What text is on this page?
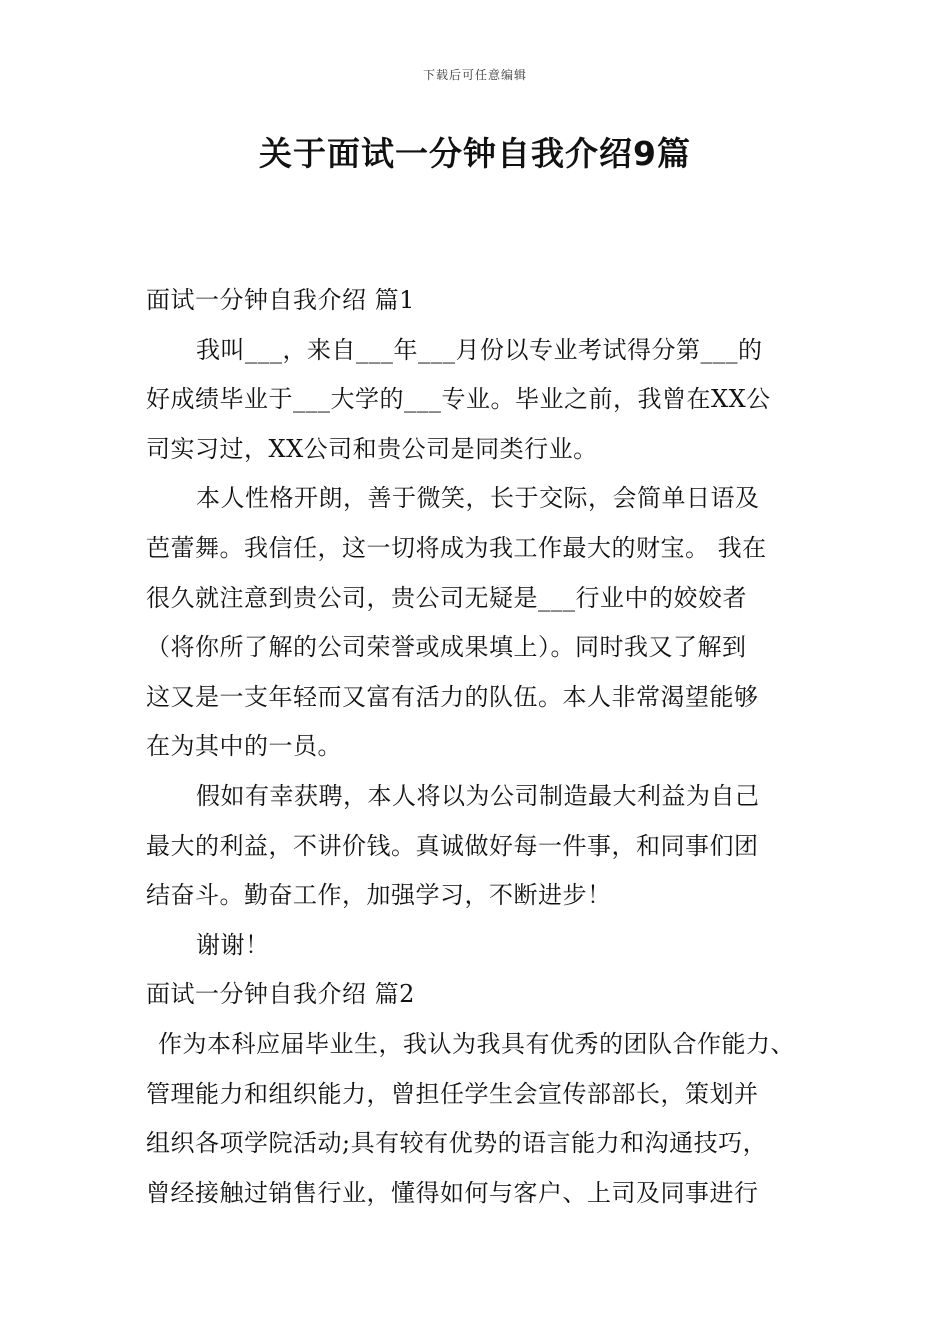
下载后可任意编辑
关于面试一分钟自我介绍9篇
面试一分钟自我介绍 篇1
我叫___，来自___年___月份以专业考试得分第___的
好成绩毕业于___大学的___专业。毕业之前，我曾在XX公
司实习过，XX公司和贵公司是同类行业。
本人性格开朗，善于微笑，长于交际，会简单日语及
芭蕾舞。我信任，这一切将成为我工作最大的财宝。 我在
很久就注意到贵公司，贵公司无疑是___行业中的姣姣者
（将你所了解的公司荣誉或成果填上）。同时我又了解到
这又是一支年轻而又富有活力的队伍。本人非常渴望能够
在为其中的一员。
假如有幸获聘，本人将以为公司制造最大利益为自己
最大的利益，不讲价钱。真诚做好每一件事，和同事们团
结奋斗。勤奋工作，加强学习，不断进步！
谢谢！
面试一分钟自我介绍 篇2
作为本科应届毕业生，我认为我具有优秀的团队合作能力、
管理能力和组织能力，曾担任学生会宣传部部长，策划并
组织各项学院活动;具有较有优势的语言能力和沟通技巧，
曾经接触过销售行业，懂得如何与客户、上司及同事进行
